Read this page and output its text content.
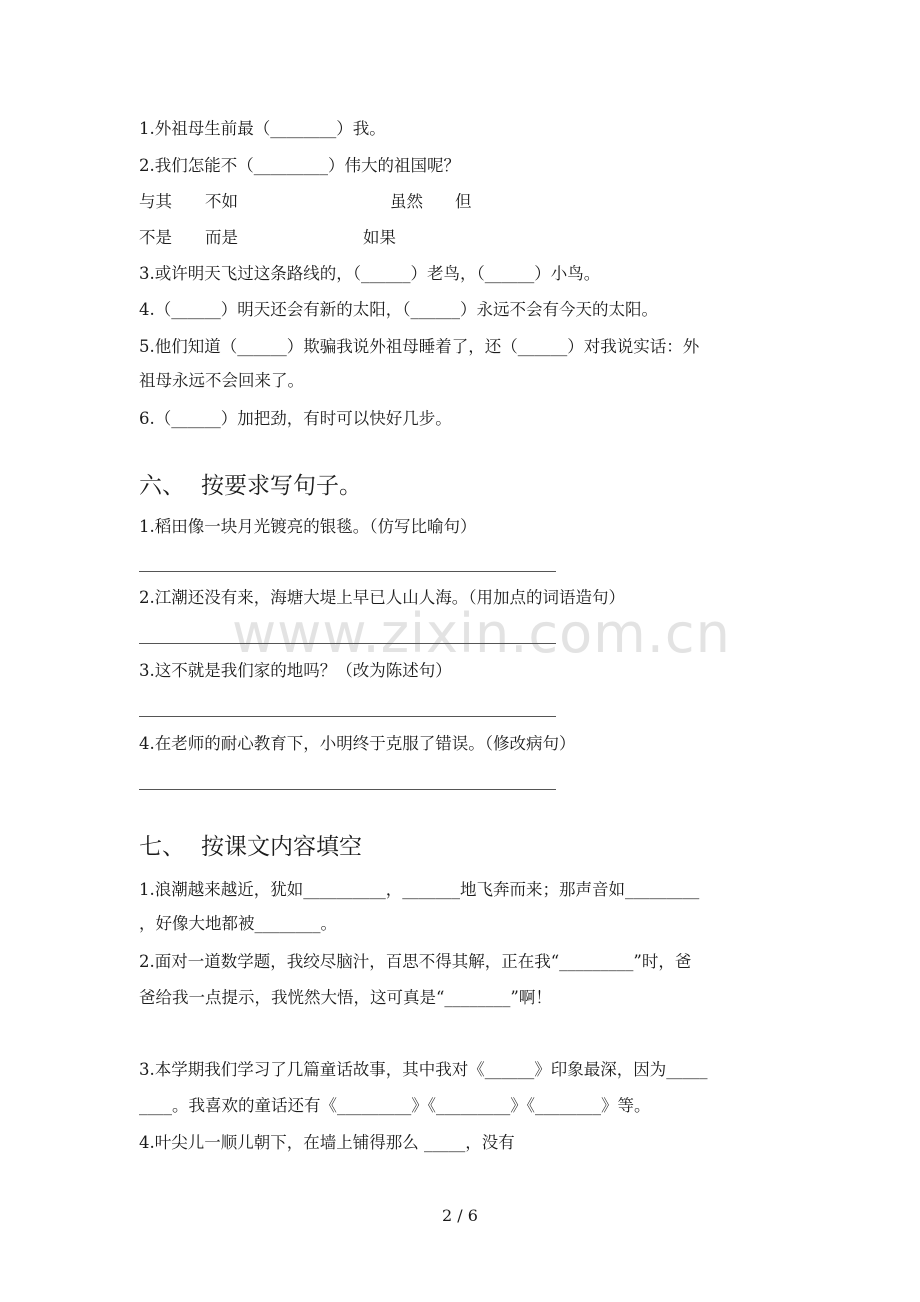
www.zixin.com.cn
1.外祖母生前最（________）我。
2.我们怎能不（_________）伟大的祖国呢？
与其 不如	虽然 但
不是 而是	如果
3.或许明天飞过这条路线的，（______）老鸟，（______）小鸟。
4.（______）明天还会有新的太阳，（______）永远不会有今天的太阳。
5.他们知道（______）欺骗我说外祖母睡着了，还（______）对我说实话：外
祖母永远不会回来了。
6.（______）加把劲，有时可以快好几步。
六、 按要求写句子。
1.稻田像一块月光镀亮的银毯。（仿写比喻句）
2.江潮还没有来，海塘大堤上早已人山人海。（用加点的词语造句）
3.这不就是我们家的地吗？（改为陈述句）
4.在老师的耐心教育下，小明终于克服了错误。（修改病句）
七、 按课文内容填空
1.浪潮越来越近，犹如__________，_______地飞奔而来；那声音如_________
，好像大地都被________。
2.面对一道数学题，我绞尽脑汁，百思不得其解，正在我“_________”时，爸
爸给我一点提示，我恍然大悟，这可真是“________”啊！
3.本学期我们学习了几篇童话故事，其中我对《______》印象最深，因为_____
____。我喜欢的童话还有《_________》《_________》《________》等。
4.叶尖儿一顺儿朝下，在墙上铺得那么 _____，没有
2 / 6
